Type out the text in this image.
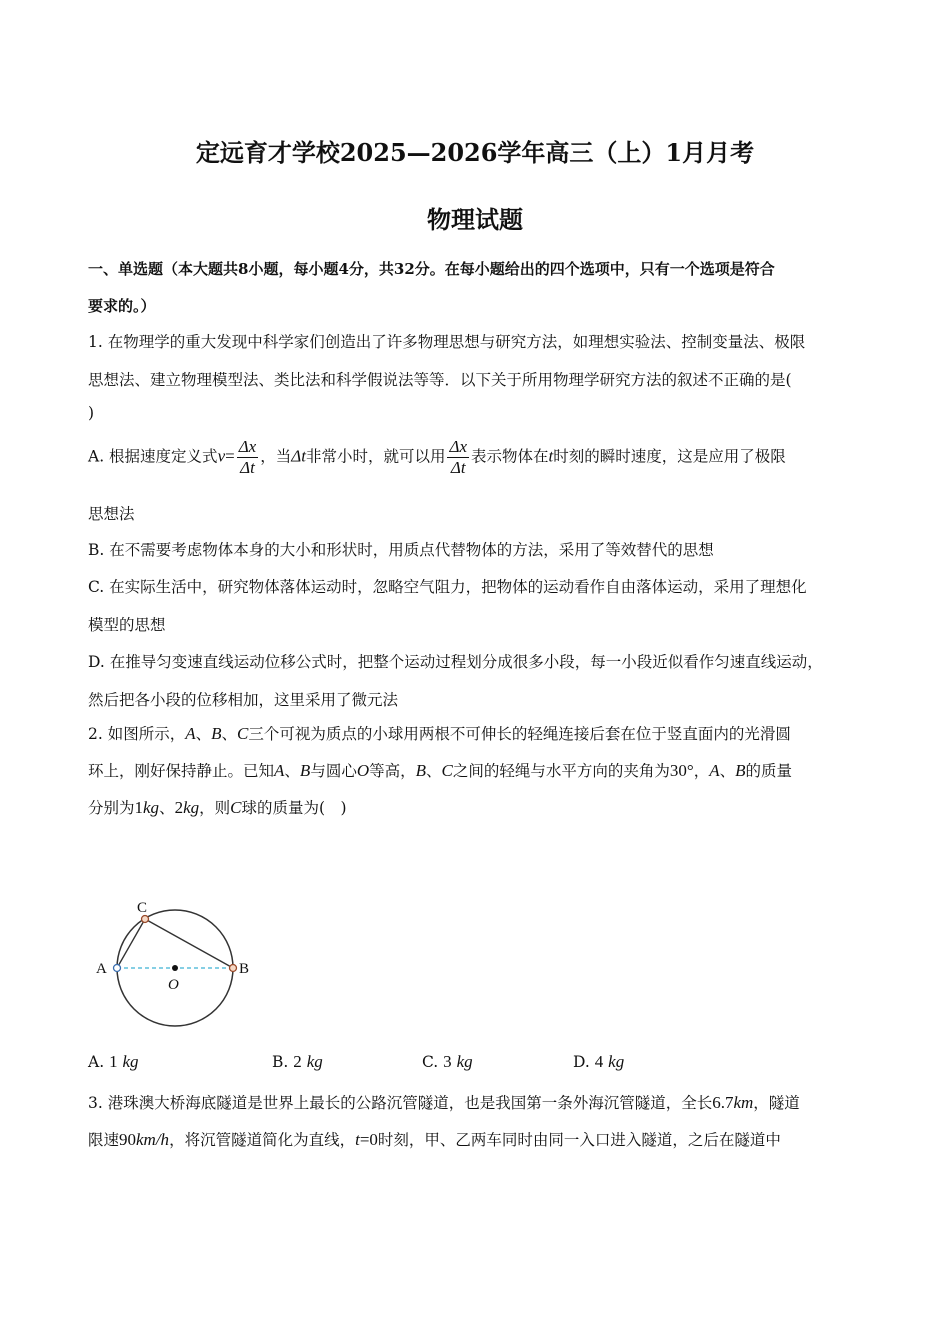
定远育才学校2025—2026学年高三（上）1月月考
物理试题
一、单选题（本大题共8小题，每小题4分，共32分。在每小题给出的四个选项中，只有一个选项是符合
要求的。）
1. 在物理学的重大发现中科学家们创造出了许多物理思想与研究方法，如理想实验法、控制变量法、极限
思想法、建立物理模型法、类比法和科学假说法等等．以下关于所用物理学研究方法的叙述不正确的是(
)
A. 根据速度定义式$v= \frac{\Delta x}{\Delta t}$ ，当Δt非常小时，就可以用 $\frac{\Delta x}{\Delta t}$ 表示物体在t时刻的瞬时速度，这是应用了极限
思想法
B. 在不需要考虑物体本身的大小和形状时，用质点代替物体的方法，采用了等效替代的思想
C. 在实际生活中，研究物体落体运动时，忽略空气阻力，把物体的运动看作自由落体运动，采用了理想化
模型的思想
D. 在推导匀变速直线运动位移公式时，把整个运动过程划分成很多小段，每一小段近似看作匀速直线运动，
然后把各小段的位移相加，这里采用了微元法
2. 如图所示，A、B、C三个可视为质点的小球用两根不可伸长的轻绳连接后套在位于竖直面内的光滑圆
环上，刚好保持静止。已知A、B与圆心O等高，B、C之间的轻绳与水平方向的夹角为30°，A、B的质量
分别为1kg、2kg，则C球的质量为(　)
A	B
C
O
A. 1 kg	B. 2 kg	C. 3 kg	D. 4 kg
3. 港珠澳大桥海底隧道是世界上最长的公路沉管隧道，也是我国第一条外海沉管隧道，全长6.7km，隧道
限速90km/h，将沉管隧道简化为直线，t=0时刻，甲、乙两车同时由同一入口进入隧道，之后在隧道中
